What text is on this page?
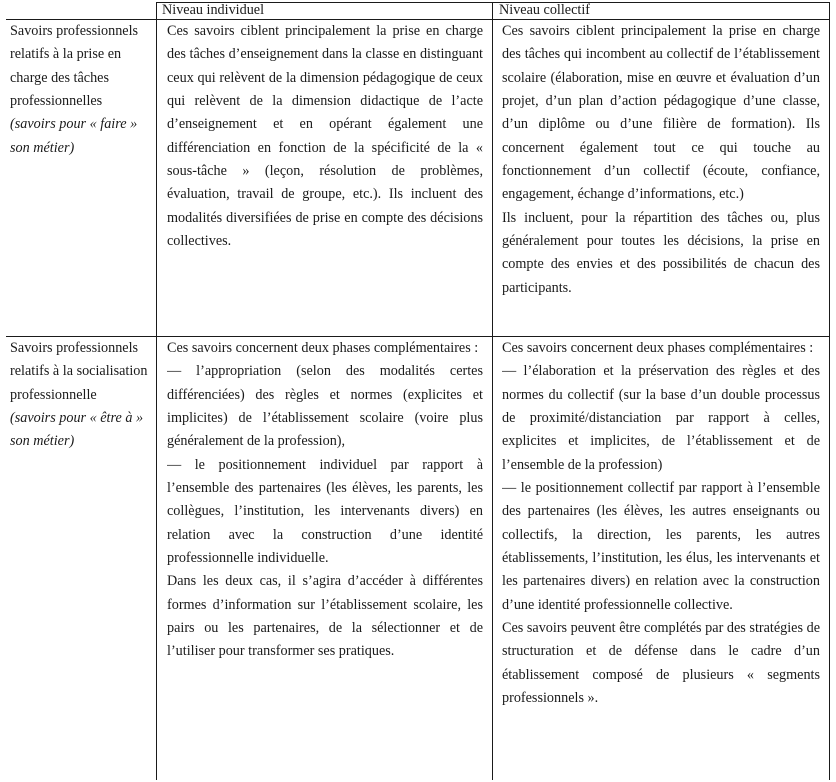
Niveau individuel	Niveau collectif

Savoirs professionnels relatifs à la prise en charge des tâches professionnelles

(savoirs pour « faire » son métier)

Ces savoirs ciblent principalement la prise en charge des tâches d’enseignement dans la classe en distinguant ceux qui relèvent de la dimension pédagogique de ceux qui relèvent de la dimension didactique de l’acte d’enseignement et en opérant également une différenciation en fonction de la spécificité de la « sous-tâche » (leçon, résolution de problèmes, évaluation, travail de groupe, etc.). Ils incluent des modalités diversifiées de prise en compte des décisions collectives.

Ces savoirs ciblent principalement la prise en charge des tâches qui incombent au collectif de l’établissement scolaire (élaboration, mise en œuvre et évaluation d’un projet, d’un plan d’action pédagogique d’une classe, d’un diplôme ou d’une filière de formation). Ils concernent également tout ce qui touche au fonctionnement d’un collectif (écoute, confiance, engagement, échange d’informations, etc.)

Ils incluent, pour la répartition des tâches ou, plus généralement pour toutes les décisions, la prise en compte des envies et des possibilités de chacun des participants.

Savoirs professionnels relatifs à la socialisation professionnelle

(savoirs pour « être à » son métier)

Ces savoirs concernent deux phases complémentaires :

— l’appropriation (selon des modalités certes différenciées) des règles et normes (explicites et implicites) de l’établissement scolaire (voire plus généralement de la profession),

— le positionnement individuel par rapport à l’ensemble des partenaires (les élèves, les parents, les collègues, l’institution, les intervenants divers) en relation avec la construction d’une identité professionnelle individuelle.

Dans les deux cas, il s’agira d’accéder à différentes formes d’information sur l’établissement scolaire, les pairs ou les partenaires, de la sélectionner et de l’utiliser pour transformer ses pratiques.

Ces savoirs concernent deux phases complémentaires :

— l’élaboration et la préservation des règles et des normes du collectif (sur la base d’un double processus de proximité/distanciation par rapport à celles, explicites et implicites, de l’établissement et de l’ensemble de la profession)

— le positionnement collectif par rapport à l’ensemble des partenaires (les élèves, les autres enseignants ou collectifs, la direction, les parents, les autres établissements, l’institution, les élus, les intervenants et les partenaires divers) en relation avec la construction d’une identité professionnelle collective.

Ces savoirs peuvent être complétés par des stratégies de structuration et de défense dans le cadre d’un établissement composé de plusieurs « segments professionnels ».
